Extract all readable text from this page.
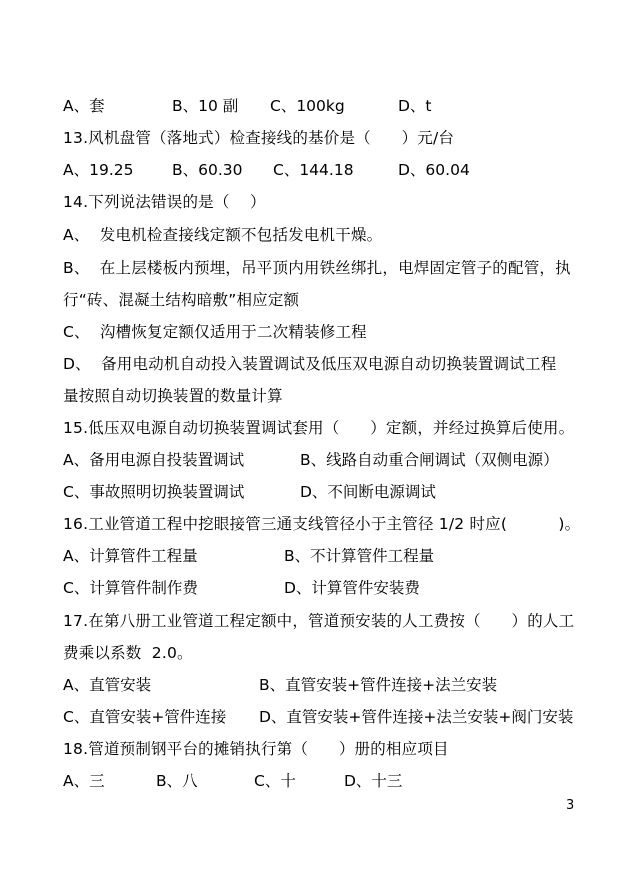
A、套	B、10 副 C、100kg	D、t
13.风机盘管（落地式）检查接线的基价是（      ）元/台
A、19.25 B、60.30 C、144.18	D、60.04
14.下列说法错误的是（    ）
A、  发电机检查接线定额不包括发电机干燥。
B、  在上层楼板内预埋，吊平顶内用铁丝绑扎，电焊固定管子的配管，执
行“砖、混凝土结构暗敷”相应定额
C、  沟槽恢复定额仅适用于二次精装修工程
D、  备用电动机自动投入装置调试及低压双电源自动切换装置调试工程
量按照自动切换装置的数量计算
15.低压双电源自动切换装置调试套用（      ）定额，并经过换算后使用。
A、备用电源自投装置调试	B、线路自动重合闸调试（双侧电源）
C、事故照明切换装置调试	D、不间断电源调试
16.工业管道工程中挖眼接管三通支线管径小于主管径 1/2 时应(          )。
A、计算管件工程量	B、不计算管件工程量
C、计算管件制作费	D、计算管件安装费
17.在第八册工业管道工程定额中，管道预安装的人工费按（      ）的人工
费乘以系数  2.0。
A、直管安装	B、直管安装+管件连接+法兰安装
C、直管安装+管件连接 D、直管安装+管件连接+法兰安装+阀门安装
18.管道预制钢平台的摊销执行第（      ）册的相应项目
A、三	B、八	C、十	D、十三
3
